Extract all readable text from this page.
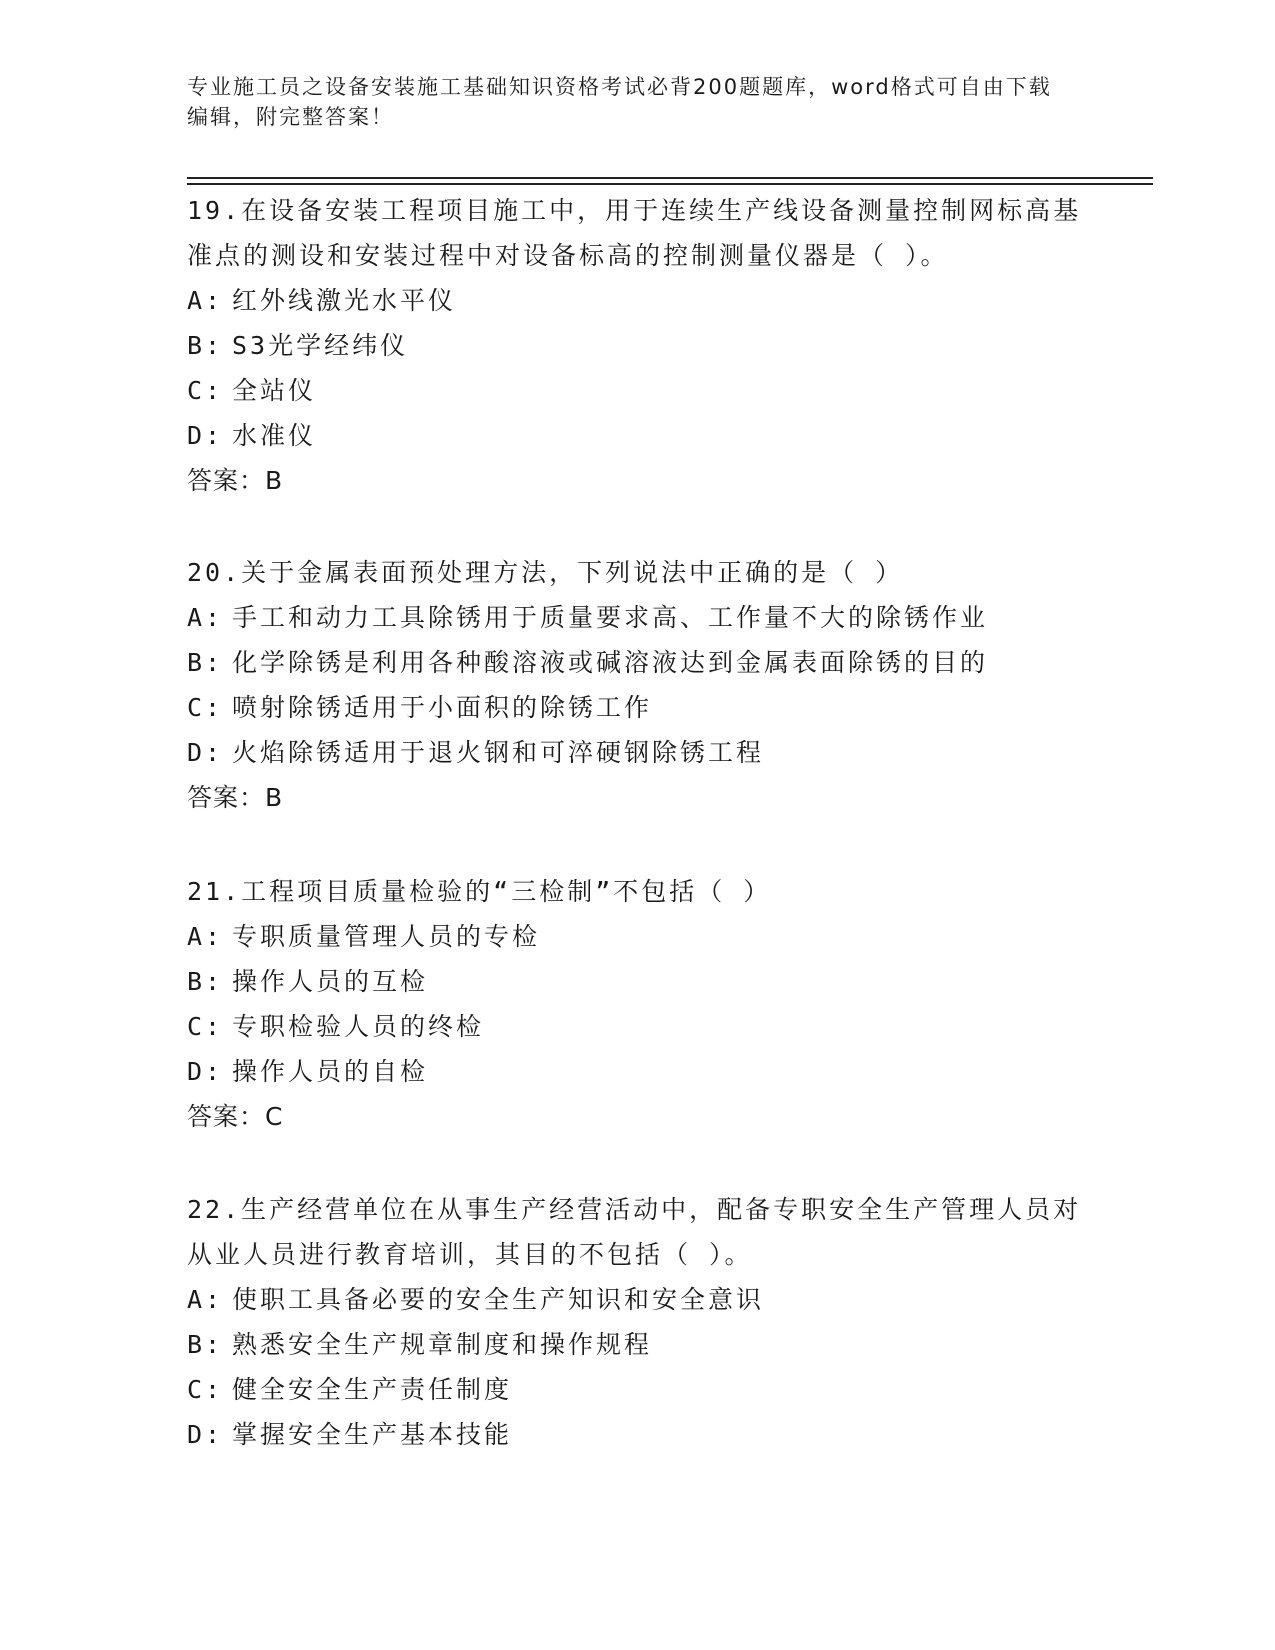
专业施工员之设备安装施工基础知识资格考试必背200题题库，word格式可自由下载编辑，附完整答案！

19.在设备安装工程项目施工中，用于连续生产线设备测量控制网标高基准点的测设和安装过程中对设备标高的控制测量仪器是（ ）。

A: 红外线激光水平仪

B: S3光学经纬仪

C: 全站仪

D: 水准仪

答案：B

20.关于金属表面预处理方法，下列说法中正确的是（ ）

A: 手工和动力工具除锈用于质量要求高、工作量不大的除锈作业

B: 化学除锈是利用各种酸溶液或碱溶液达到金属表面除锈的目的

C: 喷射除锈适用于小面积的除锈工作

D: 火焰除锈适用于退火钢和可淬硬钢除锈工程

答案：B

21.工程项目质量检验的“三检制”不包括（ ）

A: 专职质量管理人员的专检

B: 操作人员的互检

C: 专职检验人员的终检

D: 操作人员的自检

答案：C

22.生产经营单位在从事生产经营活动中，配备专职安全生产管理人员对从业人员进行教育培训，其目的不包括（ ）。

A: 使职工具备必要的安全生产知识和安全意识

B: 熟悉安全生产规章制度和操作规程

C: 健全安全生产责任制度

D: 掌握安全生产基本技能
